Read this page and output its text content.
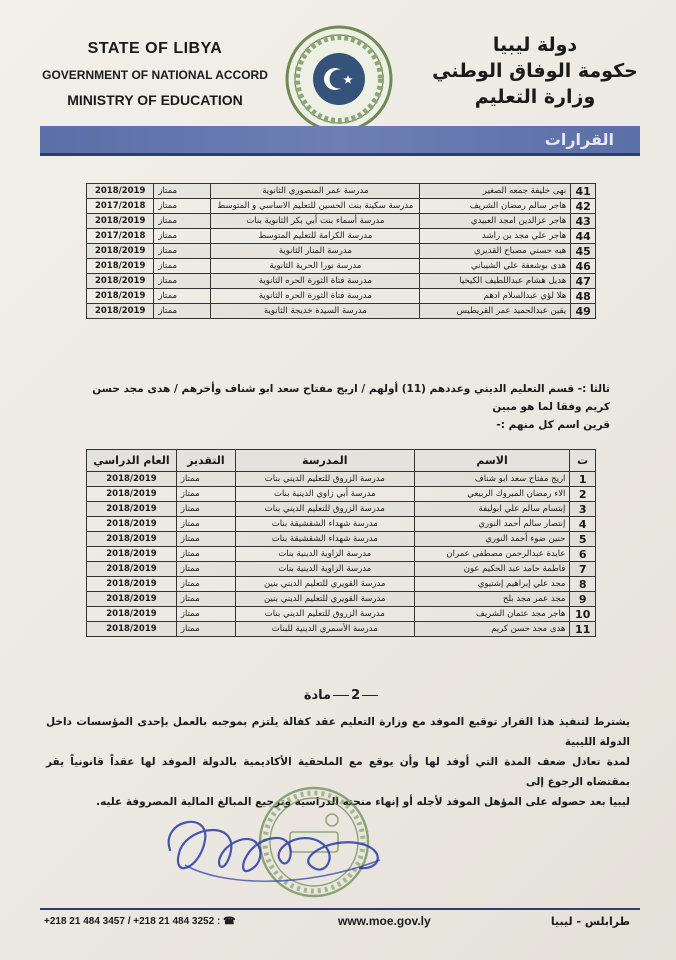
STATE OF LIBYA
GOVERNMENT OF NATIONAL ACCORD
MINISTRY OF EDUCATION
دولة ليبيا
حكومة الوفاق الوطني
وزارة التعليم
القرارات
41	نهى خليفة جمعه الصغير	مدرسة عمر المنصوري الثانوية	ممتاز	2018/2019
42	هاجر سالم رمضان الشريف	مدرسة سكينة بنت الحسين للتعليم الاساسي و المتوسط	ممتاز	2017/2018
43	هاجر عزالدين امجد العبيدي	مدرسة أسماء بنت أبي بكر الثانوية بنات	ممتاز	2018/2019
44	هاجر علي مجد بن راشد	مدرسة الكرامة للتعليم المتوسط	ممتاز	2017/2018
45	هبه حسني مصباح القديري	مدرسة المنار الثانوية	ممتاز	2018/2019
46	هدى بوشعفة علي الشيباني	مدرسة نورا الحرية الثانوية	ممتاز	2018/2019
47	هديل هشام عبداللطيف الكيخيا	مدرسة فتاة الثورة الحره الثانوية	ممتاز	2018/2019
48	هلا لؤي عبدالسلام ادهم	مدرسة فتاة الثورة الحره الثانوية	ممتاز	2018/2019
49	يقين عبدالحميد عمر القريطيس	مدرسة السيدة خديجة الثانوية	ممتاز	2018/2019
ثالثا :- قسم التعليم الديني وعددهم (11) أولهم / اريج مفتاح سعد ابو شناف وأخرهم / هدى مجد حسن كريم وفقا لما هو مبين
قرين اسم كل منهم :-
ت	الاسم	المدرسة	التقدير	العام الدراسي
1	اريج مفتاح سعد ابو شناف	مدرسة الزروق للتعليم الديني بنات	ممتاز	2018/2019
2	الاء رمضان المبروك الربيعي	مدرسة أبي زاوي الدينية بنات	ممتاز	2018/2019
3	إبتسام سالم علي ابوليفة	مدرسة الزروق للتعليم الديني بنات	ممتاز	2018/2019
4	إنتصار سالم أحمد النوري	مدرسة شهداء الشقشيقة بنات	ممتاز	2018/2019
5	حنين ضوء أحمد النوري	مدرسة شهداء الشقشيقة بنات	ممتاز	2018/2019
6	عايدة عبدالرحمن مصطفى عمران	مدرسة الزاوية الدينية بنات	ممتاز	2018/2019
7	فاطمة حامد عبد الحكيم عون	مدرسة الزاوية الدينية بنات	ممتاز	2018/2019
8	مجد علي إبراهيم إشتيوي	مدرسة القويري للتعليم الديني بنين	ممتاز	2018/2019
9	مجد عمر مجد بلح	مدرسة القويري للتعليم الديني بنين	ممتاز	2018/2019
10	هاجر مجد عثمان الشريف	مدرسة الزروق للتعليم الديني بنات	ممتاز	2018/2019
11	هدى مجد حسن كريم	مدرسة الأسمري الدينية للبنات	ممتاز	2018/2019
2مادة
يشترط لتنفيذ هذا القرار توقيع الموفد مع وزارة التعليم عقد كفالة يلتزم بموجبه بالعمل بإحدى المؤسسات داخل الدولة الليبية
لمدة تعادل ضعف المدة التي أوفد لها وأن يوقع مع الملحقية الأكاديمية بالدولة الموفد لها عقداً قانونياً يقر بمقتضاه الرجوع إلى
ليبيا بعد حصوله على المؤهل الموفد لأجله أو إنهاء منحته الدراسية وترجيع المبالغ المالية المصروفة عليه.
+218 21 484 3457 / +218 21 484 3252 : ☎	www.moe.gov.ly	طرابلس - ليبيا
